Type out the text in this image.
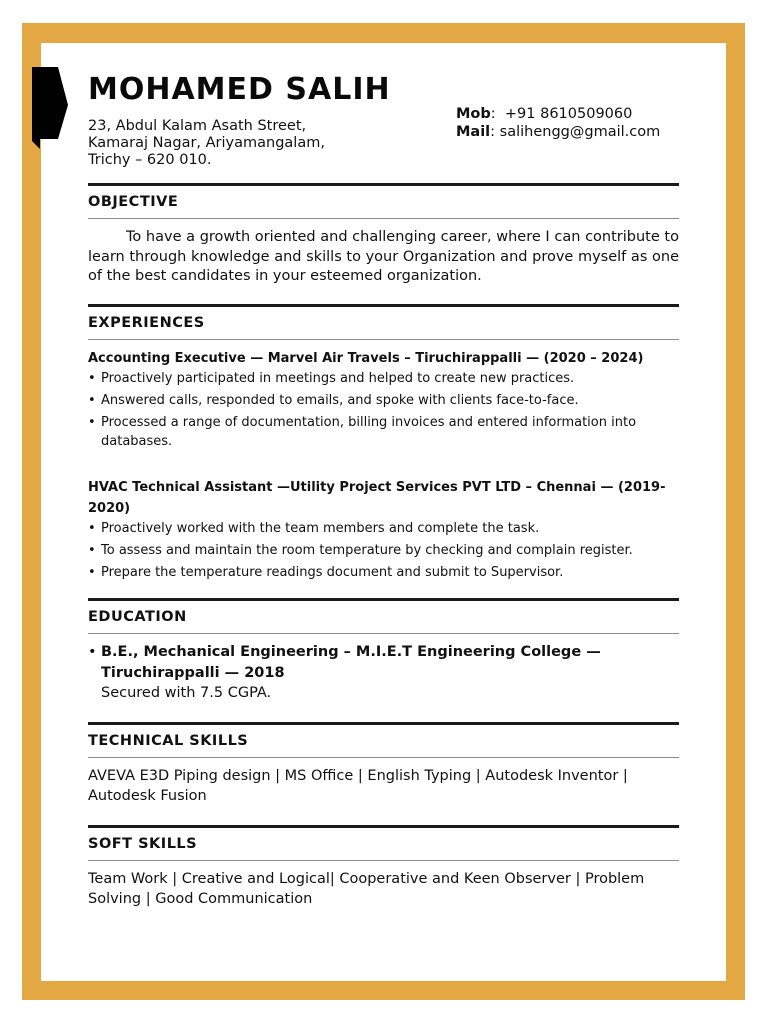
MOHAMED SALIH
23, Abdul Kalam Asath Street,
Kamaraj Nagar, Ariyamangalam,
Trichy – 620 010.
Mob:  +91 8610509060
Mail: salihengg@gmail.com
OBJECTIVE
To have a growth oriented and challenging career, where I can contribute to learn through knowledge and skills to your Organization and prove myself as one of the best candidates in your esteemed organization.
EXPERIENCES
Accounting Executive — Marvel Air Travels – Tiruchirappalli — (2020 – 2024)
• Proactively participated in meetings and helped to create new practices.
• Answered calls, responded to emails, and spoke with clients face-to-face.
• Processed a range of documentation, billing invoices and entered information into databases.
HVAC Technical Assistant —Utility Project Services PVT LTD – Chennai — (2019-2020)
• Proactively worked with the team members and complete the task.
• To assess and maintain the room temperature by checking and complain register.
• Prepare the temperature readings document and submit to Supervisor.
EDUCATION
• B.E., Mechanical Engineering – M.I.E.T Engineering College — Tiruchirappalli — 2018
Secured with 7.5 CGPA.
TECHNICAL SKILLS
AVEVA E3D Piping design | MS Office | English Typing | Autodesk Inventor | Autodesk Fusion
SOFT SKILLS
Team Work | Creative and Logical| Cooperative and Keen Observer | Problem Solving | Good Communication
